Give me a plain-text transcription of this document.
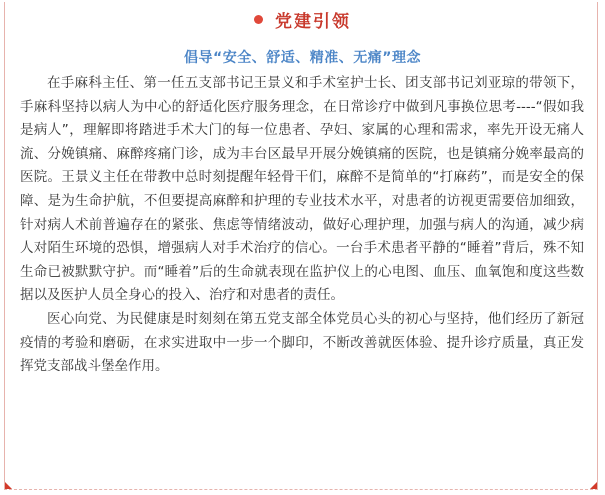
党建引领
倡导“安全、舒适、精准、无痛”理念

在手麻科主任、第一任五支部书记王景义和手术室护士长、团支部书记刘亚琼的带领下，手麻科坚持以病人为中心的舒适化医疗服务理念，在日常诊疗中做到凡事换位思考----“假如我是病人”，理解即将踏进手术大门的每一位患者、孕妇、家属的心理和需求，率先开设无痛人流、分娩镇痛、麻醉疼痛门诊，成为丰台区最早开展分娩镇痛的医院，也是镇痛分娩率最高的医院。王景义主任在带教中总时刻提醒年轻骨干们，麻醉不是简单的“打麻药”，而是安全的保障、是为生命护航，不但要提高麻醉和护理的专业技术水平，对患者的访视更需要倍加细致，针对病人术前普遍存在的紧张、焦虑等情绪波动，做好心理护理，加强与病人的沟通，减少病人对陌生环境的恐惧，增强病人对手术治疗的信心。一台手术患者平静的“睡着”背后，殊不知生命已被默默守护。而“睡着”后的生命就表现在监护仪上的心电图、血压、血氧饱和度这些数据以及医护人员全身心的投入、治疗和对患者的责任。

医心向党、为民健康是时刻刻在第五党支部全体党员心头的初心与坚持，他们经历了新冠疫情的考验和磨砺，在求实进取中一步一个脚印，不断改善就医体验、提升诊疗质量，真正发挥党支部战斗堡垒作用。
